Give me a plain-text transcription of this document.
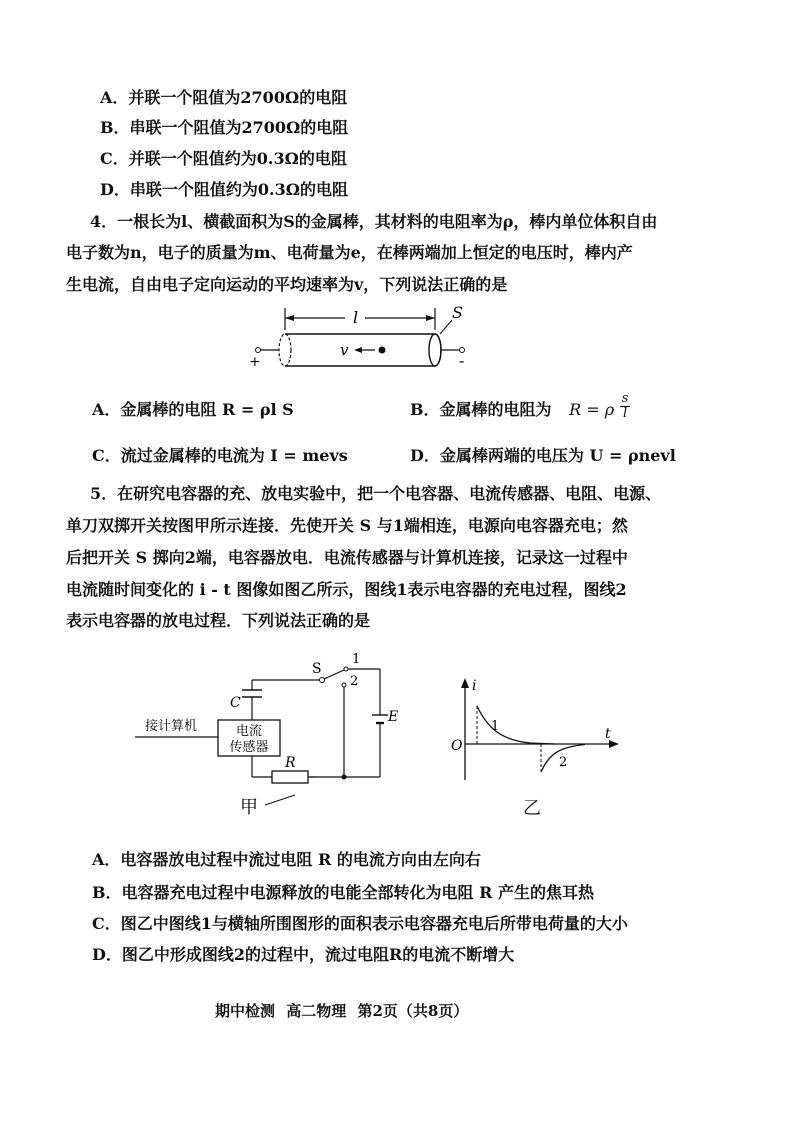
A．并联一个阻值为2700Ω的电阻
B．串联一个阻值为2700Ω的电阻
C．并联一个阻值约为0.3Ω的电阻
D．串联一个阻值约为0.3Ω的电阻
4．一根长为l、横截面积为S的金属棒，其材料的电阻率为ρ，棒内单位体积自由
电子数为n，电子的质量为m、电荷量为e，在棒两端加上恒定的电压时，棒内产
生电流，自由电子定向运动的平均速率为v，下列说法正确的是
l	S
+	-
v
A．金属棒的电阻 R = ρl S	B．金属棒的电阻为 R = ρ $\frac{s}{l}$
C．流过金属棒的电流为 I = mevs	D．金属棒两端的电压为 U = ρnevl
5．在研究电容器的充、放电实验中，把一个电容器、电流传感器、电阻、电源、
单刀双掷开关按图甲所示连接．先使开关 S 与1端相连，电源向电容器充电；然
后把开关 S 掷向2端，电容器放电．电流传感器与计算机连接，记录这一过程中
电流随时间变化的 i - t 图像如图乙所示，图线1表示电容器的充电过程，图线2
表示电容器的放电过程．下列说法正确的是
S
1
2
E
C
电流
传感器
接计算机
R
甲
i
t
O
1
2
乙
A．电容器放电过程中流过电阻 R 的电流方向由左向右
B．电容器充电过程中电源释放的电能全部转化为电阻 R 产生的焦耳热
C．图乙中图线1与横轴所围图形的面积表示电容器充电后所带电荷量的大小
D．图乙中形成图线2的过程中，流过电阻R的电流不断增大
期中检测 高二物理 第2页（共8页）
